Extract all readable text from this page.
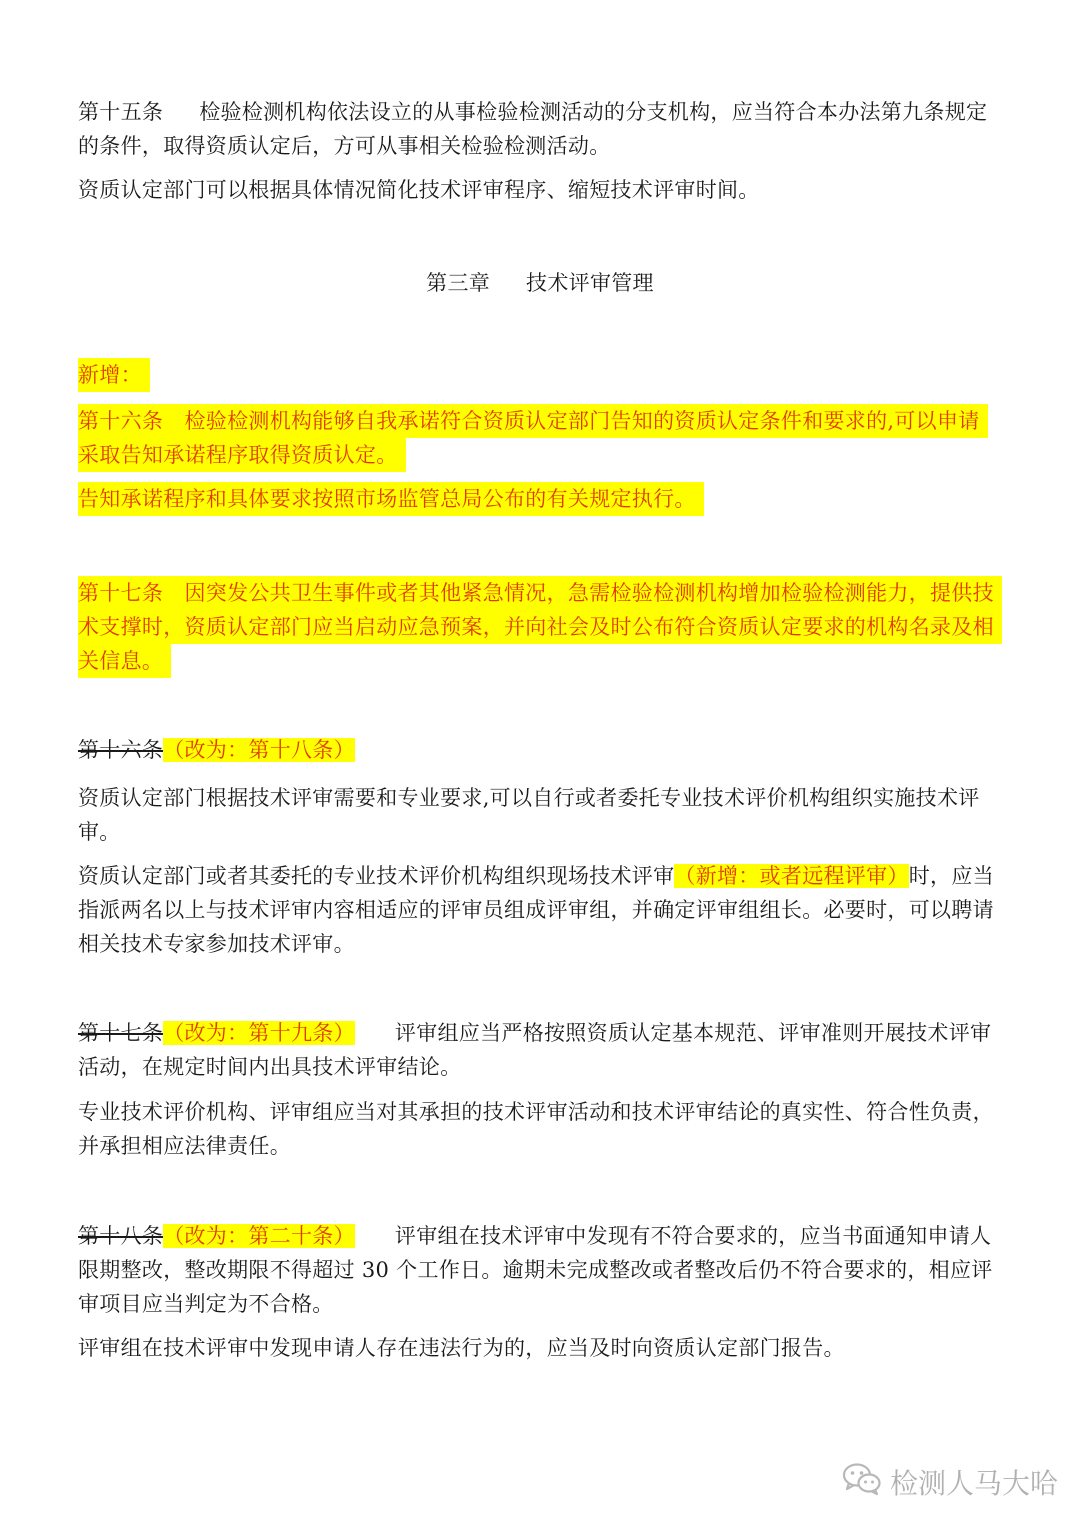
第十五条 检验检测机构依法设立的从事检验检测活动的分支机构，应当符合本办法第九条规定
的条件，取得资质认定后，方可从事相关检验检测活动。

资质认定部门可以根据具体情况简化技术评审程序、缩短技术评审时间。

第三章 技术评审管理

新增：

第十六条　检验检测机构能够自我承诺符合资质认定部门告知的资质认定条件和要求的,可以申请
采取告知承诺程序取得资质认定。

告知承诺程序和具体要求按照市场监管总局公布的有关规定执行。

第十七条　因突发公共卫生事件或者其他紧急情况，急需检验检测机构增加检验检测能力，提供技
术支撑时，资质认定部门应当启动应急预案，并向社会及时公布符合资质认定要求的机构名录及相
关信息。

第十六条（改为：第十八条）

资质认定部门根据技术评审需要和专业要求,可以自行或者委托专业技术评价机构组织实施技术评
审。

资质认定部门或者其委托的专业技术评价机构组织现场技术评审（新增：或者远程评审）时，应当
指派两名以上与技术评审内容相适应的评审员组成评审组，并确定评审组组长。必要时，可以聘请
相关技术专家参加技术评审。

第十七条（改为：第十九条） 评审组应当严格按照资质认定基本规范、评审准则开展技术评审
活动，在规定时间内出具技术评审结论。

专业技术评价机构、评审组应当对其承担的技术评审活动和技术评审结论的真实性、符合性负责，
并承担相应法律责任。

第十八条（改为：第二十条） 评审组在技术评审中发现有不符合要求的，应当书面通知申请人
限期整改，整改期限不得超过 30 个工作日。逾期未完成整改或者整改后仍不符合要求的，相应评
审项目应当判定为不合格。

评审组在技术评审中发现申请人存在违法行为的，应当及时向资质认定部门报告。

检测人马大哈
